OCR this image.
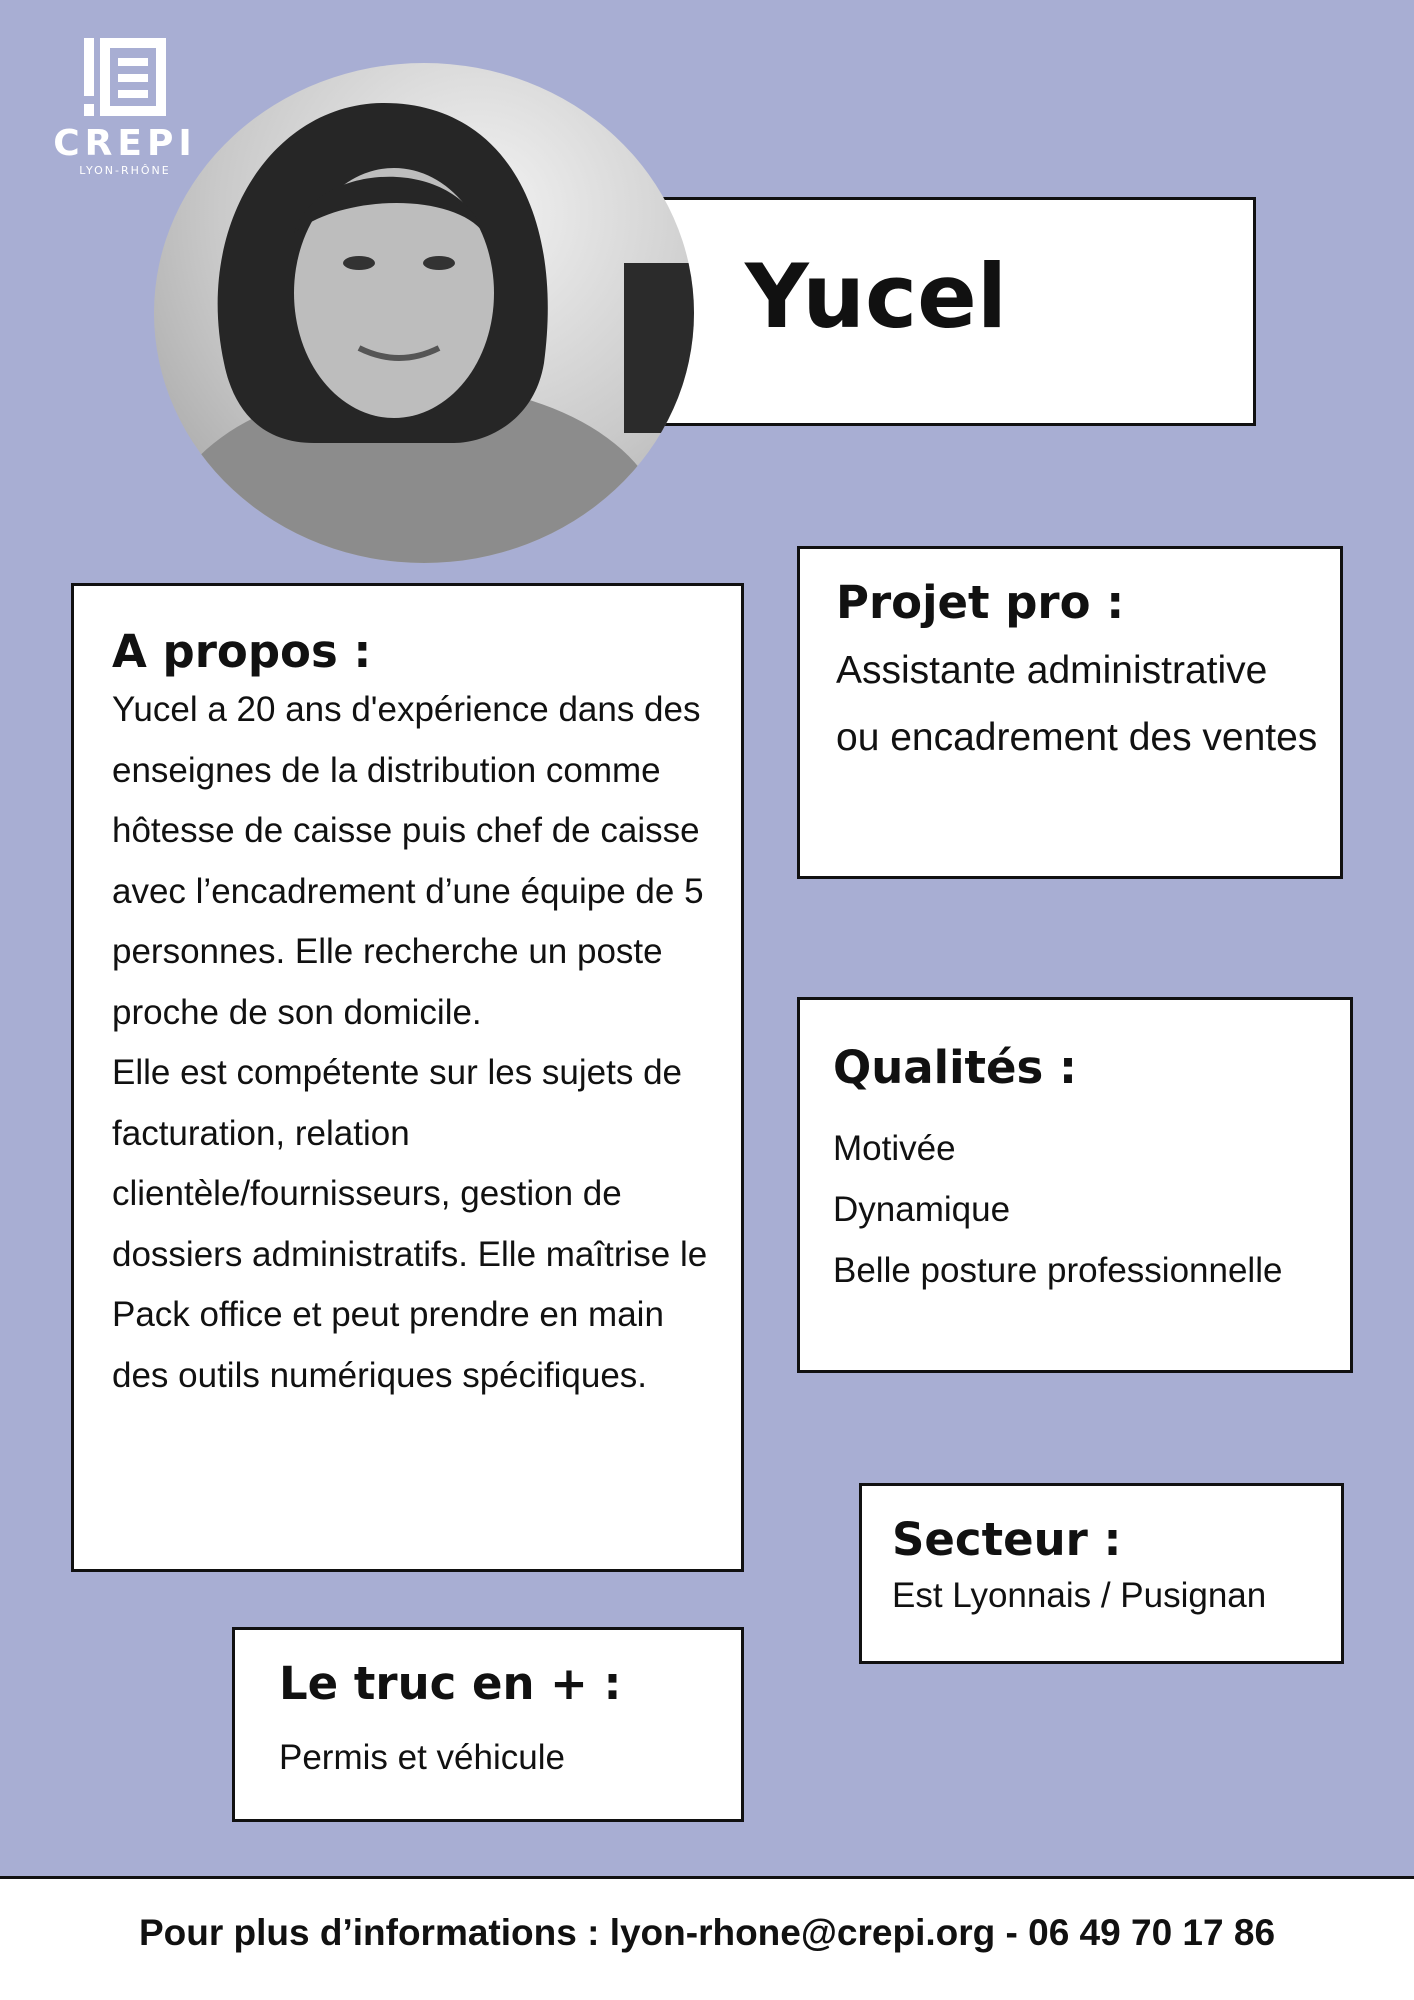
CREPI
LYON-RHÔNE
Yucel
A propos :

Yucel a 20 ans d'expérience dans des enseignes de la distribution comme hôtesse de caisse puis chef de caisse avec l’encadrement d’une équipe de 5 personnes. Elle recherche un poste proche de son domicile.

Elle est compétente sur les sujets de facturation, relation clientèle/fournisseurs, gestion de dossiers administratifs. Elle maîtrise le Pack office et peut prendre en main des outils numériques spécifiques.

Projet pro :

Assistante administrative ou encadrement des ventes

Qualités :
Motivée
Dynamique
Belle posture professionnelle
Secteur :

Est Lyonnais / Pusignan

Le truc en + :

Permis et véhicule

Pour plus d’informations : lyon-rhone@crepi.org - 06 49 70 17 86
